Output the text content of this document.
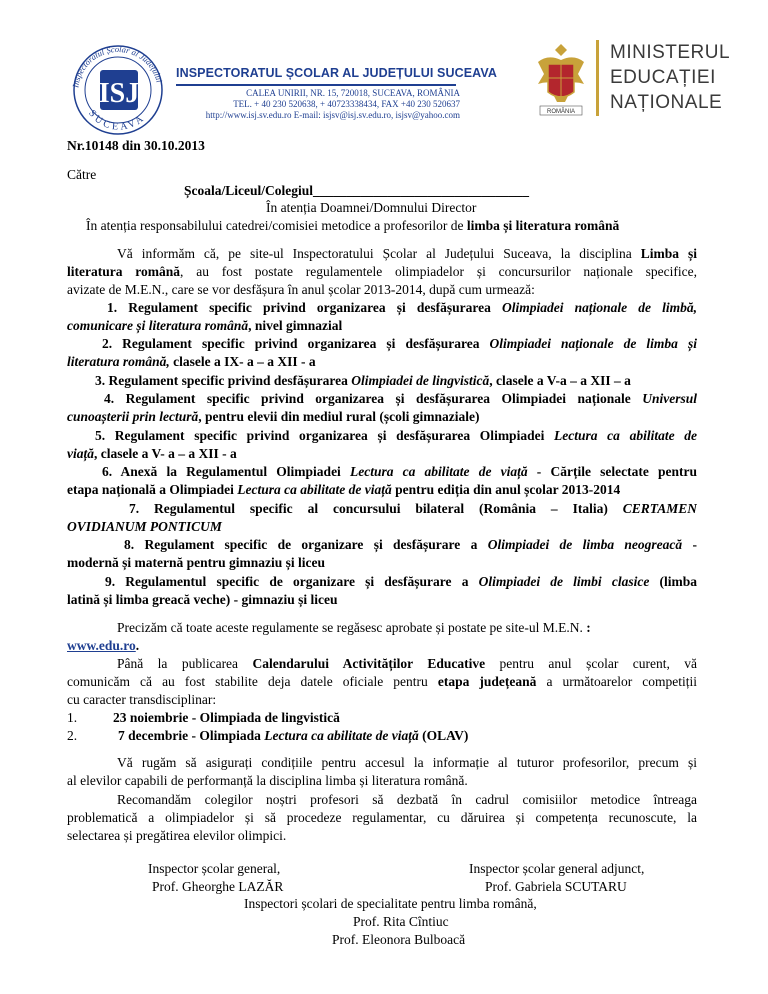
Inspectoratul Școlar al Județului
SUCEAVA
ISJ
INSPECTORATUL ȘCOLAR AL JUDEȚULUI SUCEAVA
CALEA UNIRII, NR. 15, 720018, SUCEAVA, ROMÂNIA
TEL. + 40 230 520638, + 40723338434, FAX +40 230 520637
http://www.isj.sv.edu.ro E-mail: isjsv@isj.sv.edu.ro, isjsv@yahoo.com	ROMÂNIA
MINISTERUL
EDUCAȚIEI
NAȚIONALE
Nr.10148 din 30.10.2013
Către
Școala/Liceul/Colegiul________________________________
În atenția Doamnei/Domnului Director
În atenția responsabilului catedrei/comisiei metodice a profesorilor de limba și literatura română
Vă informăm că, pe site-ul Inspectoratului Școlar al Județului Suceava, la disciplina Limba și
literatura română, au fost postate regulamentele olimpiadelor și concursurilor naționale specifice,
avizate de M.E.N., care se vor desfășura în anul școlar 2013-2014, după cum urmează:
1. Regulament specific privind organizarea și desfășurarea Olimpiadei naționale de limbă,
comunicare și literatura română, nivel gimnazial
2. Regulament specific privind organizarea și desfășurarea Olimpiadei naționale de limba și
literatura română, clasele a IX- a – a XII - a
3. Regulament specific privind desfășurarea Olimpiadei de lingvistică, clasele a V-a – a XII – a
4. Regulament specific privind organizarea și desfășurarea Olimpiadei naționale Universul
cunoașterii prin lectură, pentru elevii din mediul rural (școli gimnaziale)
5. Regulament specific privind organizarea și desfășurarea Olimpiadei Lectura ca abilitate de
viață, clasele a V- a – a XII - a
6. Anexă la Regulamentul Olimpiadei Lectura ca abilitate de viață - Cărțile selectate pentru
etapa națională a Olimpiadei Lectura ca abilitate de viață pentru ediția din anul școlar 2013-2014
7. Regulamentul specific al concursului bilateral (România – Italia) CERTAMEN
OVIDIANUM PONTICUM
8. Regulament specific de organizare și desfășurare a Olimpiadei de limba neogreacă -
modernă și maternă pentru gimnaziu și liceu
9. Regulamentul specific de organizare și desfășurare a Olimpiadei de limbi clasice (limba
latină și limba greacă veche) - gimnaziu și liceu
Precizăm că toate aceste regulamente se regăsesc aprobate și postate pe site-ul M.E.N. :
www.edu.ro.
Până la publicarea Calendarului Activităților Educative pentru anul școlar curent, vă
comunicăm că au fost stabilite deja datele oficiale pentru etapa județeană a următoarelor competiții
cu caracter transdisciplinar:
1.	23 noiembrie - Olimpiada de lingvistică
2.	7 decembrie - Olimpiada Lectura ca abilitate de viață (OLAV)
Vă rugăm să asigurați condițiile pentru accesul la informație al tuturor profesorilor, precum și
al elevilor capabili de performanță la disciplina limba și literatura română.
Recomandăm colegilor noștri profesori să dezbată în cadrul comisiilor metodice întreaga
problematică a olimpiadelor și să procedeze regulamentar, cu dăruirea și competența recunoscute, la
selectarea și pregătirea elevilor olimpici.
Inspector școlar general,
Prof. Gheorghe LAZĂR
Inspector școlar general adjunct,
Prof. Gabriela SCUTARU
Inspectori școlari de specialitate pentru limba română,
Prof. Rita Cîntiuc
Prof. Eleonora Bulboacă
